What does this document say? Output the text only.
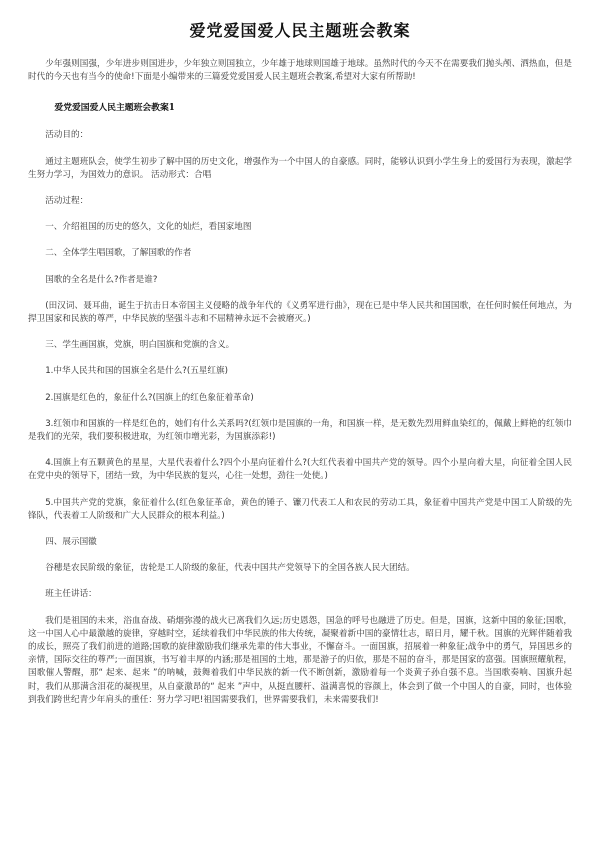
爱党爱国爱人民主题班会教案

少年强则国强，少年进步则国进步，少年独立则国独立，少年雄于地球则国雄于地球。虽然时代的今天不在需要我们抛头颅、洒热血，但是时代的今天也有当今的使命!下面是小编带来的三篇爱党爱国爱人民主题班会教案,希望对大家有所帮助!

爱党爱国爱人民主题班会教案1

活动目的：

通过主题班队会，使学生初步了解中国的历史文化，增强作为一个中国人的自豪感。同时，能够认识到小学生身上的爱国行为表现，激起学生努力学习，为国效力的意识。 活动形式：合唱

活动过程：

一、介绍祖国的历史的悠久，文化的灿烂，看国家地图

二、全体学生唱国歌，了解国歌的作者

国歌的全名是什么?作者是谁?

(田汉词、聂耳曲，诞生于抗击日本帝国主义侵略的战争年代的《义勇军进行曲》，现在已是中华人民共和国国歌，在任何时候任何地点，为捍卫国家和民族的尊严，中华民族的坚强斗志和不屈精神永远不会被磨灭。)

三、学生画国旗，党旗，明白国旗和党旗的含义。

1.中华人民共和国的国旗全名是什么?(五星红旗)

2.国旗是红色的，象征什么?(国旗上的红色象征着革命)

3.红领巾和国旗的一样是红色的，她们有什么关系吗?(红领巾是国旗的一角，和国旗一样，是无数先烈用鲜血染红的，佩戴上鲜艳的红领巾是我们的光荣，我们要积极进取，为红领巾增光彩，为国旗添彩!)

4.国旗上有五颗黄色的星星，大星代表着什么?四个小星向征着什么?(大红代表着中国共产党的领导。四个小星向着大星，向征着全国人民在党中央的领导下，团结一致，为中华民族的复兴，心往一处想，劲往一处使。)

5.中国共产党的党旗，象征着什么(红色象征革命，黄色的锤子、镰刀代表工人和农民的劳动工具，象征着中国共产党是中国工人阶级的先锋队，代表着工人阶级和广大人民群众的根本利益。)

四、展示国徽

谷穗是农民阶级的象征，齿轮是工人阶级的象征，代表中国共产党领导下的全国各族人民大团结。

班主任讲话：

我们是祖国的未来，浴血奋战、硝烟弥漫的战火已离我们久远;历史恩怨，国急的呼号也融进了历史。但是，国旗，这新中国的象征;国歌，这一中国人心中最激越的旋律，穿越时空，延续着我们中华民族的伟大传统，凝聚着新中国的豪情壮志，昭日月，耀千秋。国旗的光辉伴随着我的成长，照亮了我们前进的道路;国歌的旋律激励我们继承先辈的伟大事业，不懈奋斗。一面国旗，招展着一种象征;战争中的勇气，异国思乡的亲情，国际交往的尊严;一面国旗，书写着丰厚的内涵;那是祖国的土地，那是游子的归依，那是不屈的奋斗，那是国家的富强。国旗照耀航程，国歌催人警醒，那“ 起来、起来 ”的呐喊，鼓舞着我们中华民族的新一代不断创新，激励着每一个炎黄子孙自强不息。当国歌奏响、国旗升起时，我们从那满含泪花的凝视里，从自豪激昂的“ 起来 ”声中，从挺直腰杆、溢满喜悦的容颜上，体会到了做一个中国人的自豪，同时，也体验到我们跨世纪青少年肩头的重任：努力学习吧!祖国需要我们，世界需要我们，未来需要我们!
